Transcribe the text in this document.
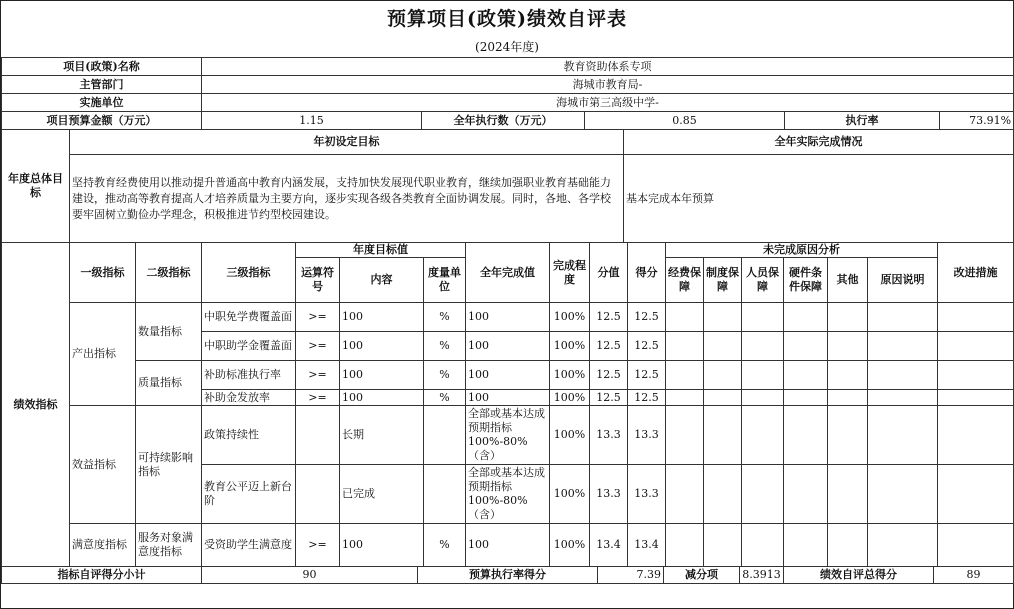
预算项目(政策)绩效自评表
(2024年度)
项目(政策)名称	教育资助体系专项				
主管部门	海城市教育局-				
实施单位	海城市第三高级中学-				
项目预算金额（万元）	1.15	全年执行数（万元）	0.85	执行率	73.91%
年度总体目标	年初设定目标	全年实际完成情况
	坚持教育经费使用以推动提升普通高中教育内涵发展，支持加快发展现代职业教育，继续加强职业教育基础能力建设，推动高等教育提高人才培养质量为主要方向，逐步实现各级各类教育全面协调发展。同时，各地、各学校要牢固树立勤俭办学理念，积极推进节约型校园建设。	基本完成本年预算
绩效指标	一级指标	二级指标	三级指标	年度目标值			全年完成值	完成程度	分值	得分	未完成原因分析						改进措施
				运算符号	内容	度量单位					经费保障	制度保障	人员保障	硬件条件保障	其他	原因说明	
	产出指标	数量指标	中职免学费覆盖面	>=	100	%	100	100%	12.5	12.5							
			中职助学金覆盖面	>=	100	%	100	100%	12.5	12.5							
		质量指标	补助标准执行率	>=	100	%	100	100%	12.5	12.5							
			补助金发放率	>=	100	%	100	100%	12.5	12.5							
	效益指标	可持续影响指标	政策持续性		长期		全部或基本达成预期指标100%-80%（含）	100%	13.3	13.3							
			教育公平迈上新台阶		已完成		全部或基本达成预期指标100%-80%（含）	100%	13.3	13.3							
	满意度指标	服务对象满意度指标	受资助学生满意度	>=	100	%	100	100%	13.4	13.4							
指标自评得分小计	90	预算执行率得分	7.39	减分项	8.3913	绩效自评总得分	89
